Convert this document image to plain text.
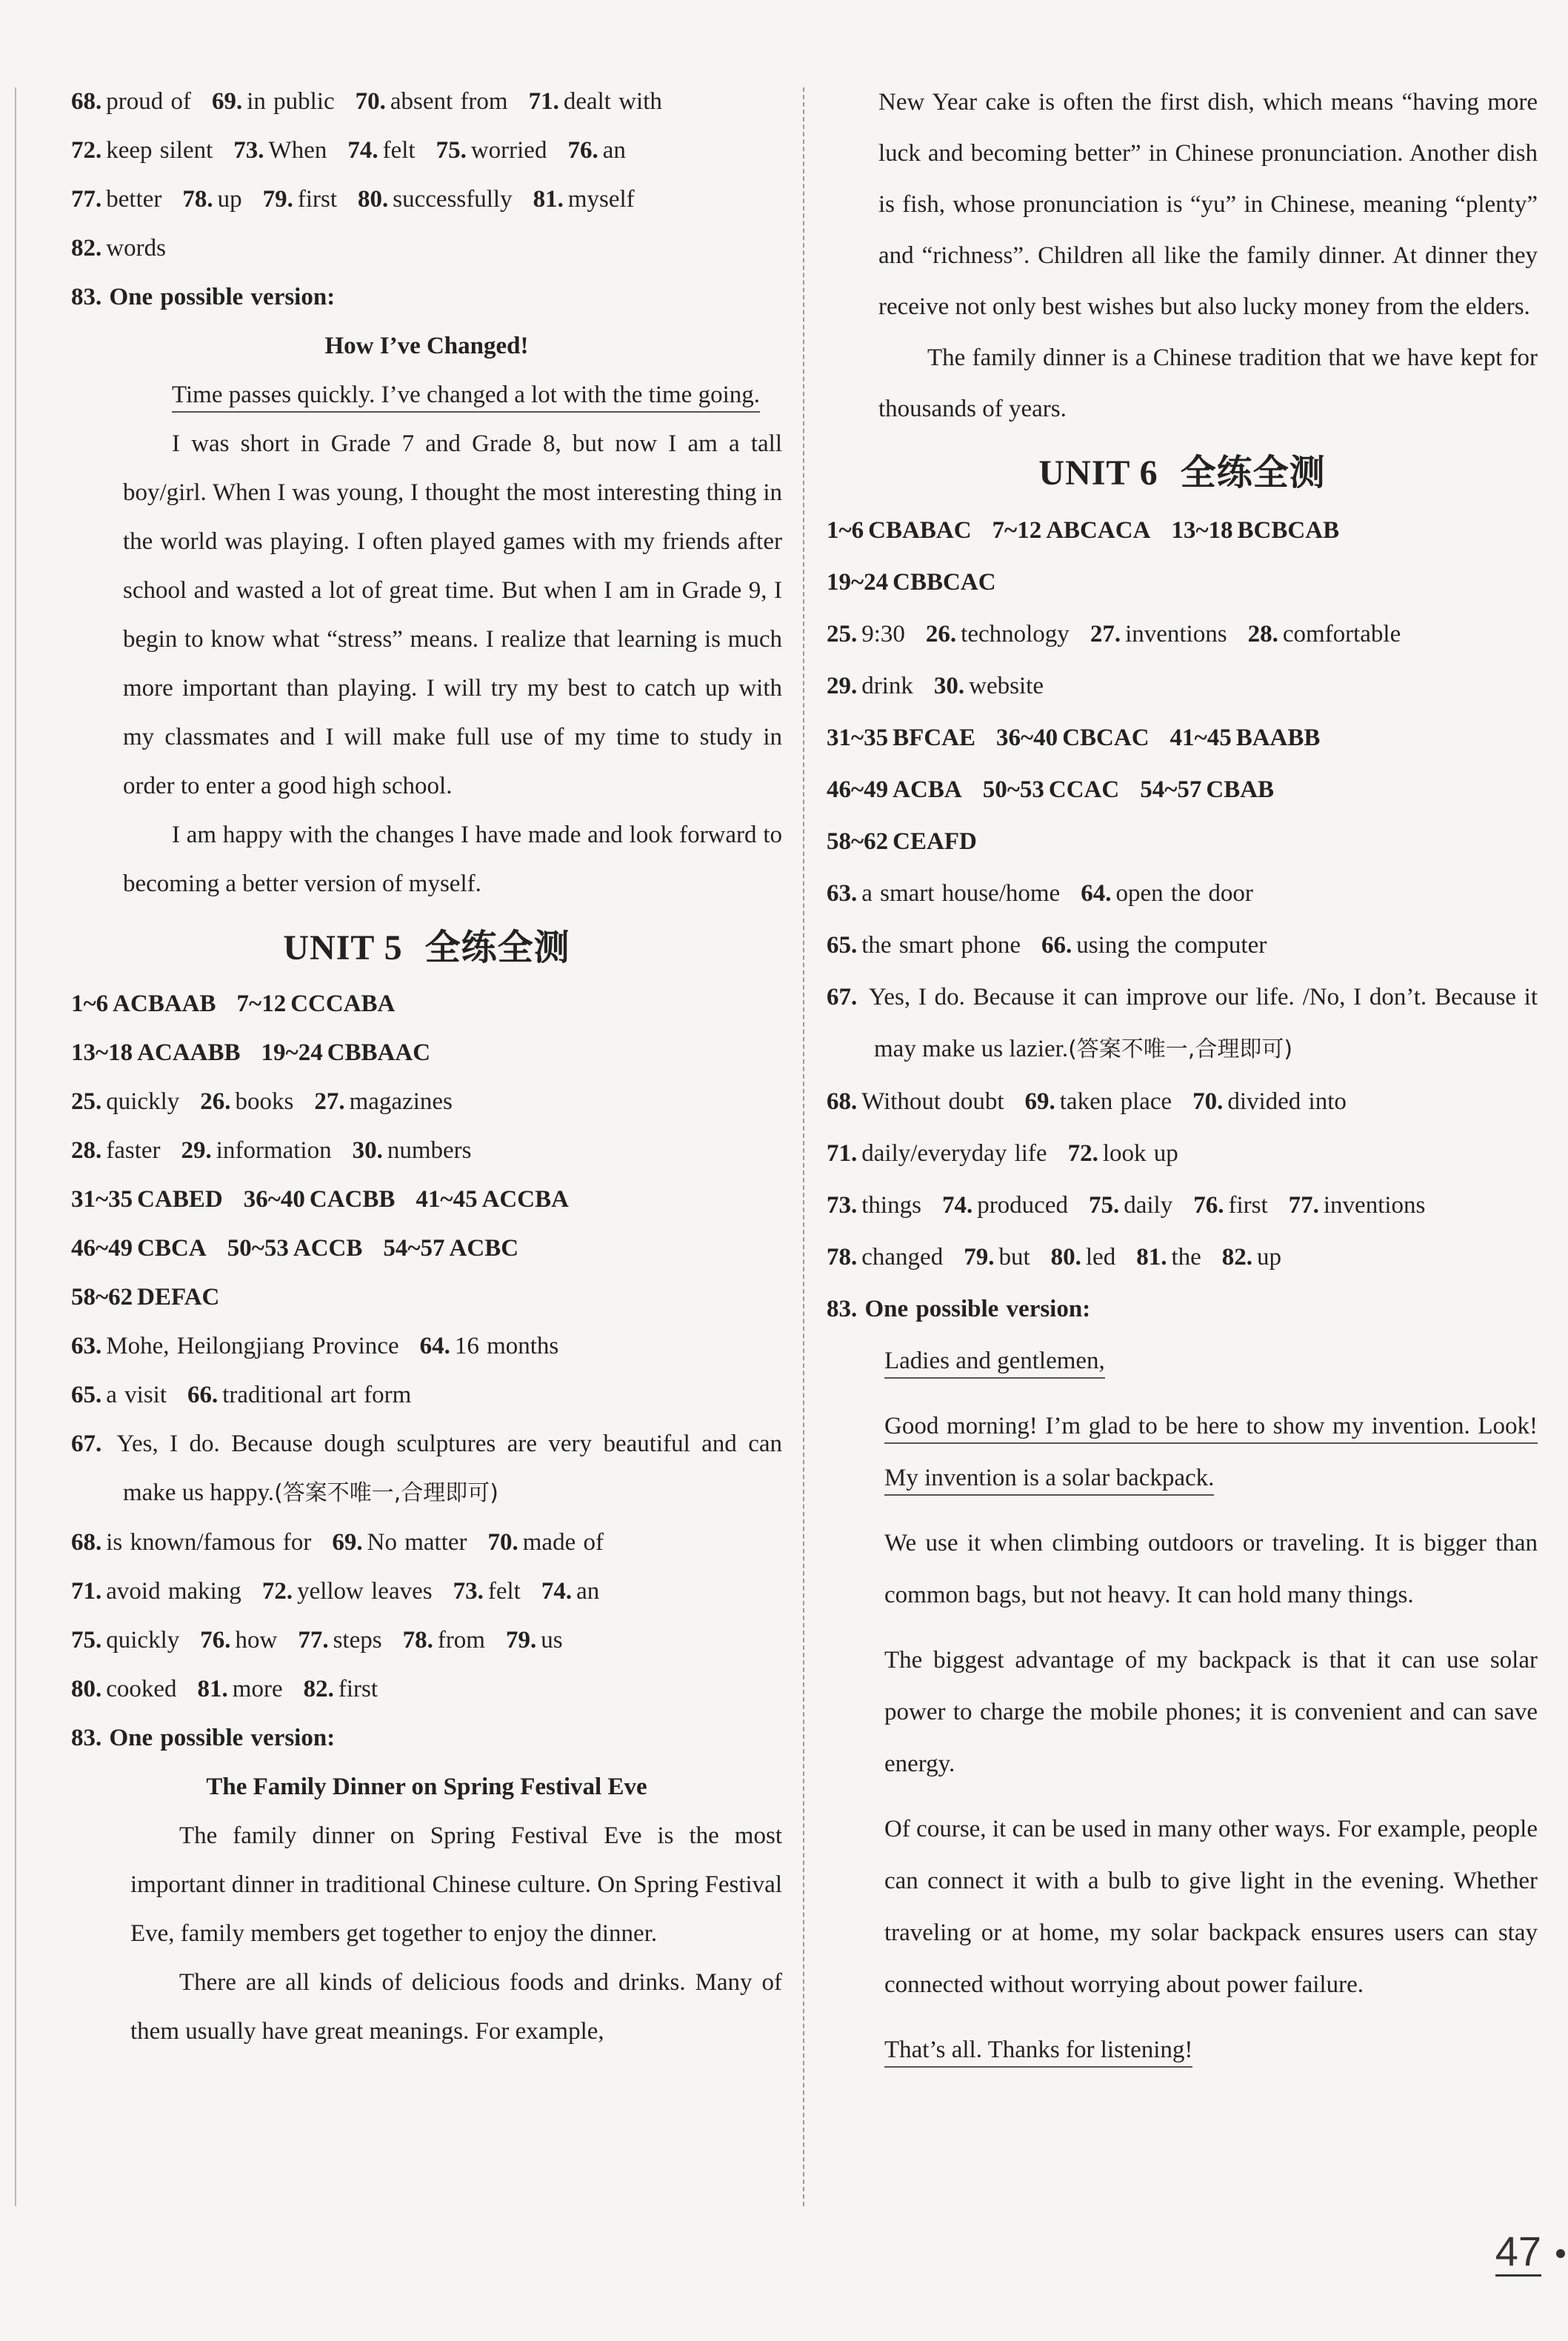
68. proud of 69. in public 70. absent from 71. dealt with
72. keep silent 73. When 74. felt 75. worried 76. an
77. better 78. up 79. first 80. successfully 81. myself
82. words
83. One possible version:
How I’ve Changed!
Time passes quickly. I’ve changed a lot with the time going.
I was short in Grade 7 and Grade 8, but now I am a tall boy/girl. When I was young, I thought the most interesting thing in the world was playing. I often played games with my friends after school and wasted a lot of great time. But when I am in Grade 9, I begin to know what “stress” means. I realize that learning is much more important than playing. I will try my best to catch up with my classmates and I will make full use of my time to study in order to enter a good high school.
I am happy with the changes I have made and look forward to becoming a better version of myself.
UNIT 5 全练全测
1~6 ACBAAB 7~12 CCCABA
13~18 ACAABB 19~24 CBBAAC
25. quickly 26. books 27. magazines
28. faster 29. information 30. numbers
31~35 CABED 36~40 CACBB 41~45 ACCBA
46~49 CBCA 50~53 ACCB 54~57 ACBC
58~62 DEFAC
63. Mohe, Heilongjiang Province 64. 16 months
65. a visit 66. traditional art form
67. Yes, I do. Because dough sculptures are very beautiful and can make us happy.(答案不唯一,合理即可)
68. is known/famous for 69. No matter 70. made of
71. avoid making 72. yellow leaves 73. felt 74. an
75. quickly 76. how 77. steps 78. from 79. us
80. cooked 81. more 82. first
83. One possible version:
The Family Dinner on Spring Festival Eve
The family dinner on Spring Festival Eve is the most important dinner in traditional Chinese culture. On Spring Festival Eve, family members get together to enjoy the dinner.
There are all kinds of delicious foods and drinks. Many of them usually have great meanings. For example,
New Year cake is often the first dish, which means “having more luck and becoming better” in Chinese pronunciation. Another dish is fish, whose pronunciation is “yu” in Chinese, meaning “plenty” and “richness”. Children all like the family dinner. At dinner they receive not only best wishes but also lucky money from the elders.
The family dinner is a Chinese tradition that we have kept for thousands of years.
UNIT 6 全练全测
1~6 CBABAC 7~12 ABCACA 13~18 BCBCAB
19~24 CBBCAC
25. 9:30 26. technology 27. inventions 28. comfortable
29. drink 30. website
31~35 BFCAE 36~40 CBCAC 41~45 BAABB
46~49 ACBA 50~53 CCAC 54~57 CBAB
58~62 CEAFD
63. a smart house/home 64. open the door
65. the smart phone 66. using the computer
67. Yes, I do. Because it can improve our life. /No, I don’t. Because it may make us lazier.(答案不唯一,合理即可)
68. Without doubt 69. taken place 70. divided into
71. daily/everyday life 72. look up
73. things 74. produced 75. daily 76. first 77. inventions
78. changed 79. but 80. led 81. the 82. up
83. One possible version:
Ladies and gentlemen,
Good morning! I’m glad to be here to show my invention. Look! My invention is a solar backpack.
We use it when climbing outdoors or traveling. It is bigger than common bags, but not heavy. It can hold many things.
The biggest advantage of my backpack is that it can use solar power to charge the mobile phones; it is convenient and can save energy.
Of course, it can be used in many other ways. For example, people can connect it with a bulb to give light in the evening. Whether traveling or at home, my solar backpack ensures users can stay connected without worrying about power failure.
That’s all. Thanks for listening!
47
